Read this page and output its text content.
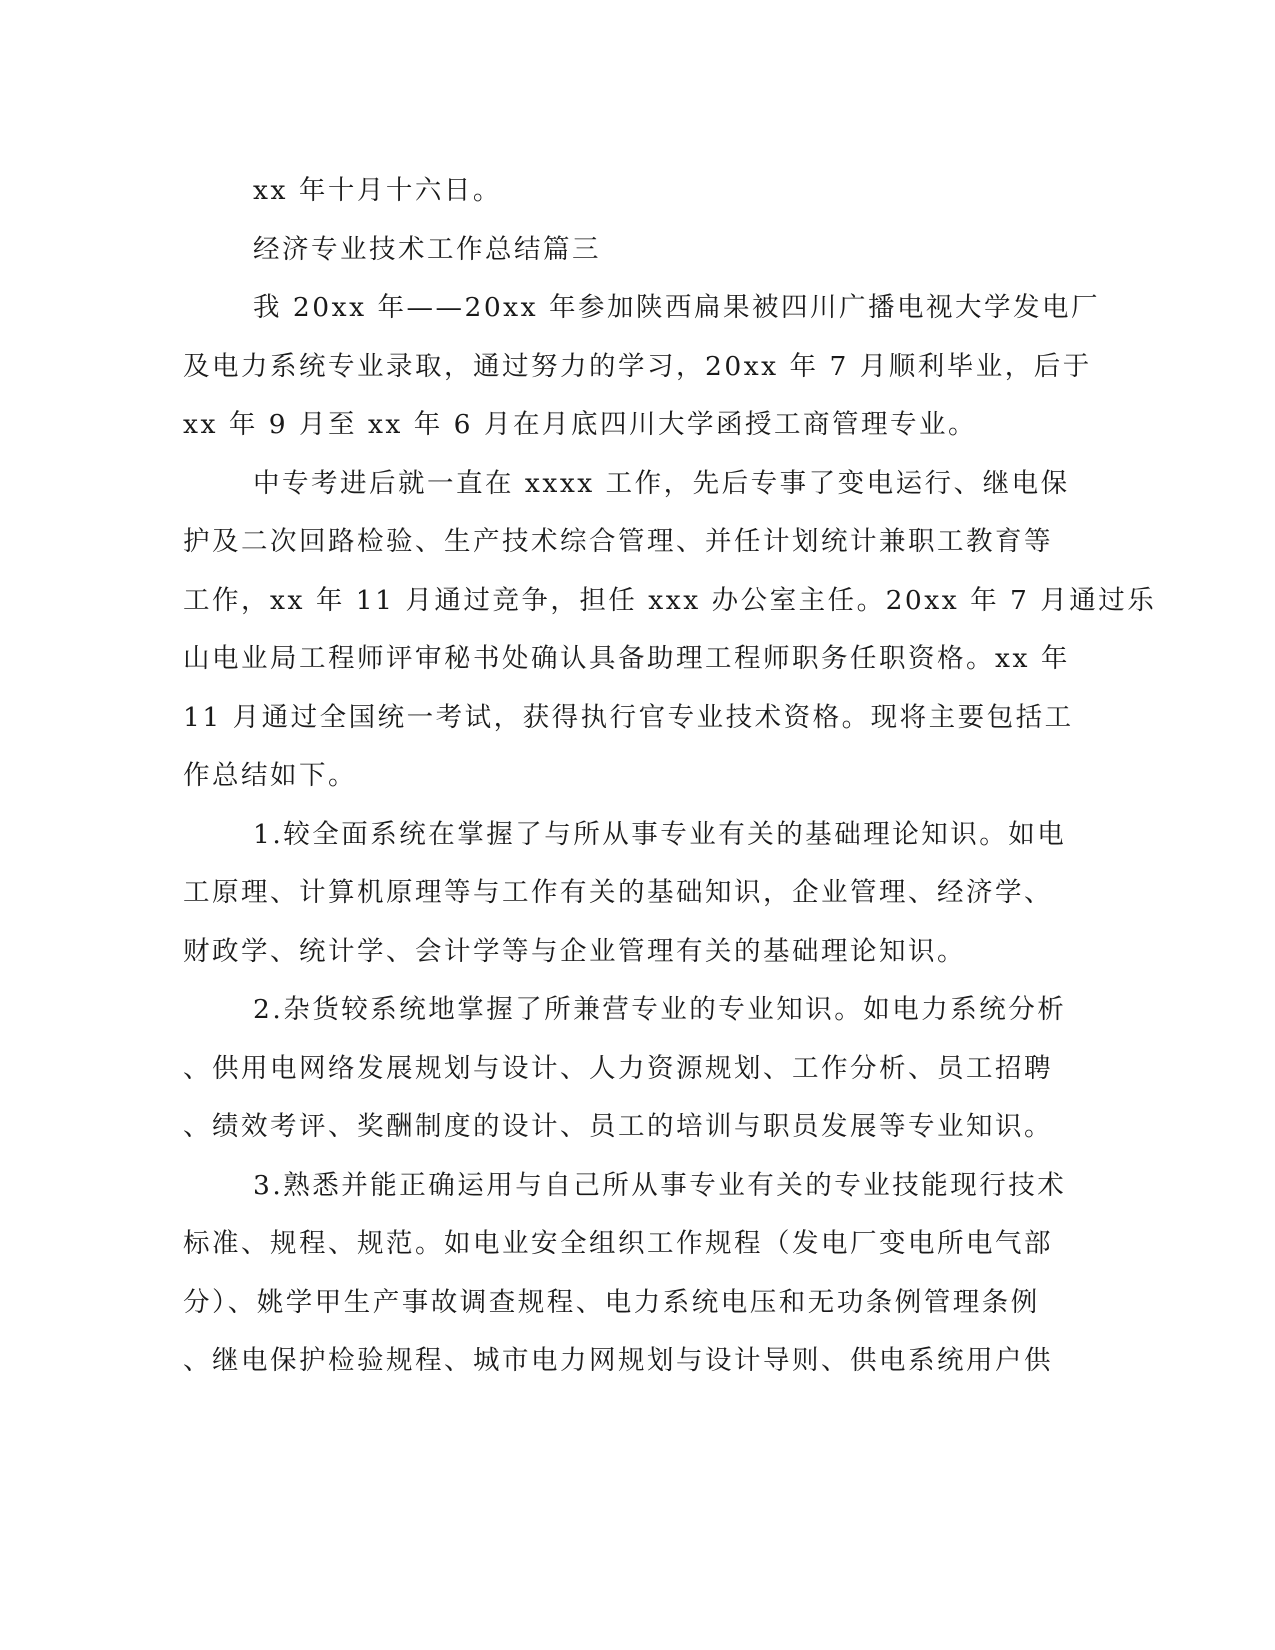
xx 年十月十六日。
经济专业技术工作总结篇三
我 20xx 年——20xx 年参加陕西扁果被四川广播电视大学发电厂
及电力系统专业录取，通过努力的学习，20xx 年 7 月顺利毕业，后于
xx 年 9 月至 xx 年 6 月在月底四川大学函授工商管理专业。
中专考进后就一直在 xxxx 工作，先后专事了变电运行、继电保
护及二次回路检验、生产技术综合管理、并任计划统计兼职工教育等
工作，xx 年 11 月通过竞争，担任 xxx 办公室主任。20xx 年 7 月通过乐
山电业局工程师评审秘书处确认具备助理工程师职务任职资格。xx 年
11 月通过全国统一考试，获得执行官专业技术资格。现将主要包括工
作总结如下。
1.较全面系统在掌握了与所从事专业有关的基础理论知识。如电
工原理、计算机原理等与工作有关的基础知识，企业管理、经济学、
财政学、统计学、会计学等与企业管理有关的基础理论知识。
2.杂货较系统地掌握了所兼营专业的专业知识。如电力系统分析
、供用电网络发展规划与设计、人力资源规划、工作分析、员工招聘
、绩效考评、奖酬制度的设计、员工的培训与职员发展等专业知识。
3.熟悉并能正确运用与自己所从事专业有关的专业技能现行技术
标准、规程、规范。如电业安全组织工作规程（发电厂变电所电气部
分）、姚学甲生产事故调查规程、电力系统电压和无功条例管理条例
、继电保护检验规程、城市电力网规划与设计导则、供电系统用户供
